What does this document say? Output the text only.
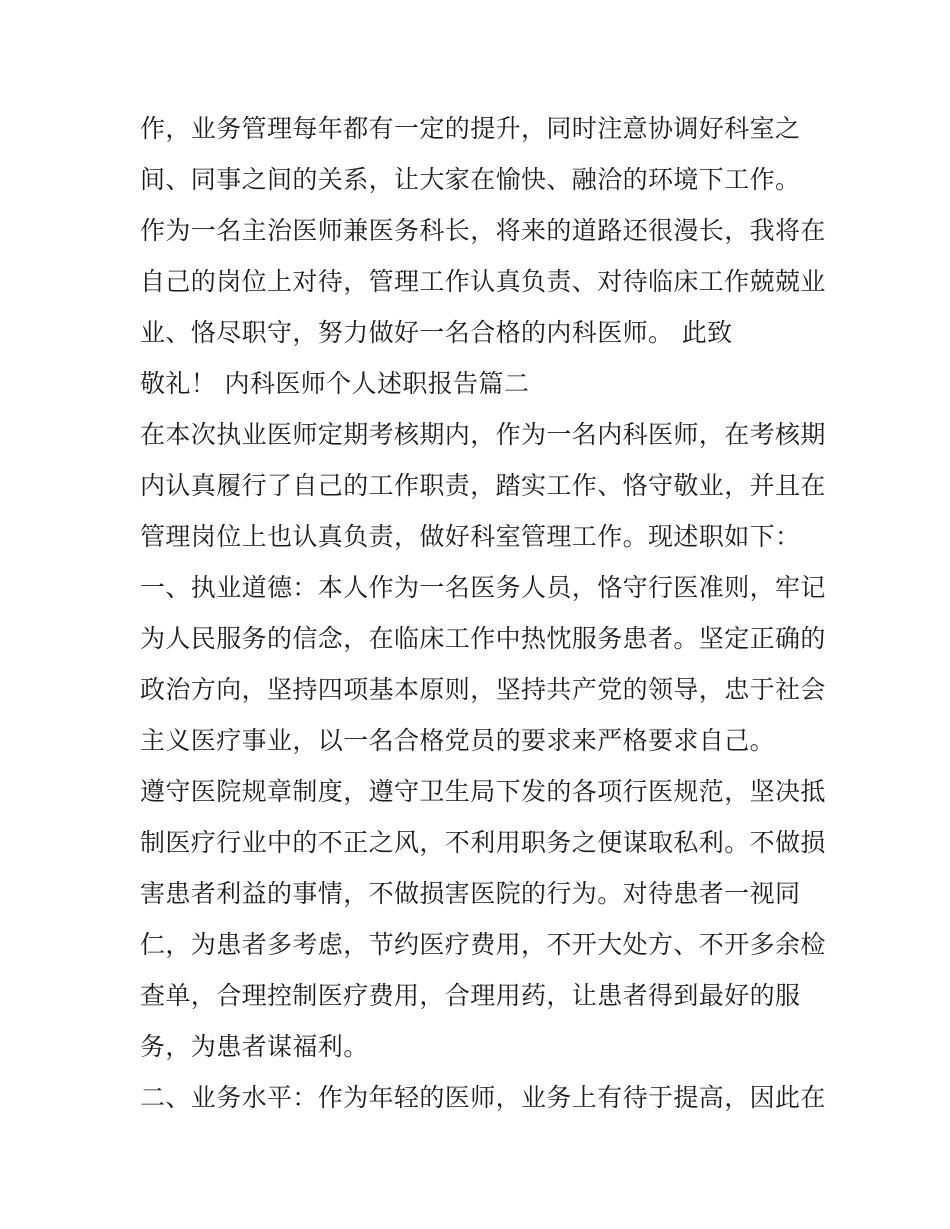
作，业务管理每年都有一定的提升，同时注意协调好科室之
间、同事之间的关系，让大家在愉快、融洽的环境下工作。
作为一名主治医师兼医务科长，将来的道路还很漫长，我将在
自己的岗位上对待，管理工作认真负责、对待临床工作兢兢业
业、恪尽职守，努力做好一名合格的内科医师。 此致
敬礼！ 内科医师个人述职报告篇二
在本次执业医师定期考核期内，作为一名内科医师，在考核期
内认真履行了自己的工作职责，踏实工作、恪守敬业，并且在
管理岗位上也认真负责，做好科室管理工作。现述职如下：
一、执业道德：本人作为一名医务人员，恪守行医准则，牢记
为人民服务的信念，在临床工作中热忱服务患者。坚定正确的
政治方向，坚持四项基本原则，坚持共产党的领导，忠于社会
主义医疗事业，以一名合格党员的要求来严格要求自己。
遵守医院规章制度，遵守卫生局下发的各项行医规范，坚决抵
制医疗行业中的不正之风，不利用职务之便谋取私利。不做损
害患者利益的事情，不做损害医院的行为。对待患者一视同
仁，为患者多考虑，节约医疗费用，不开大处方、不开多余检
查单，合理控制医疗费用，合理用药，让患者得到最好的服
务，为患者谋福利。
二、业务水平：作为年轻的医师，业务上有待于提高，因此在
